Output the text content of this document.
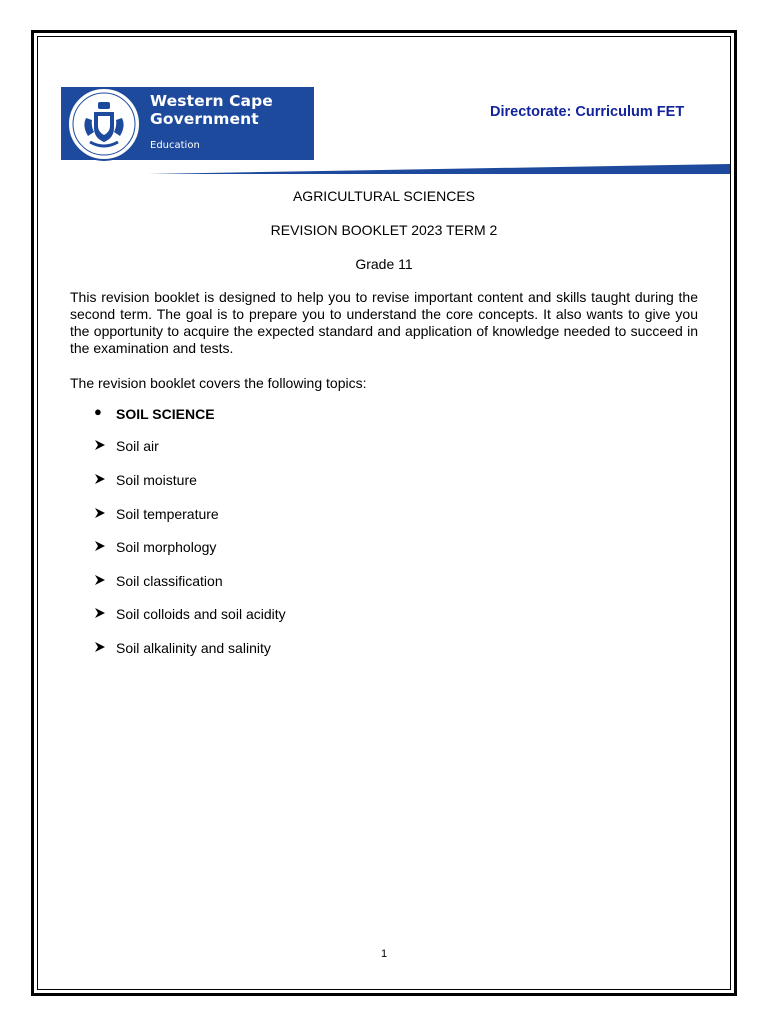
Western Cape
Government
Education
Directorate: Curriculum FET
AGRICULTURAL SCIENCES
REVISION BOOKLET 2023 TERM 2
Grade 11
This revision booklet is designed to help you to revise important content and skills taught during the second term. The goal is to prepare you to understand the core concepts. It also wants to give you the opportunity to acquire the expected standard and application of knowledge needed to succeed in the examination and tests.
The revision booklet covers the following topics:
● SOIL SCIENCE
Soil air
Soil moisture
Soil temperature
Soil morphology
Soil classification
Soil colloids and soil acidity
Soil alkalinity and salinity
1
